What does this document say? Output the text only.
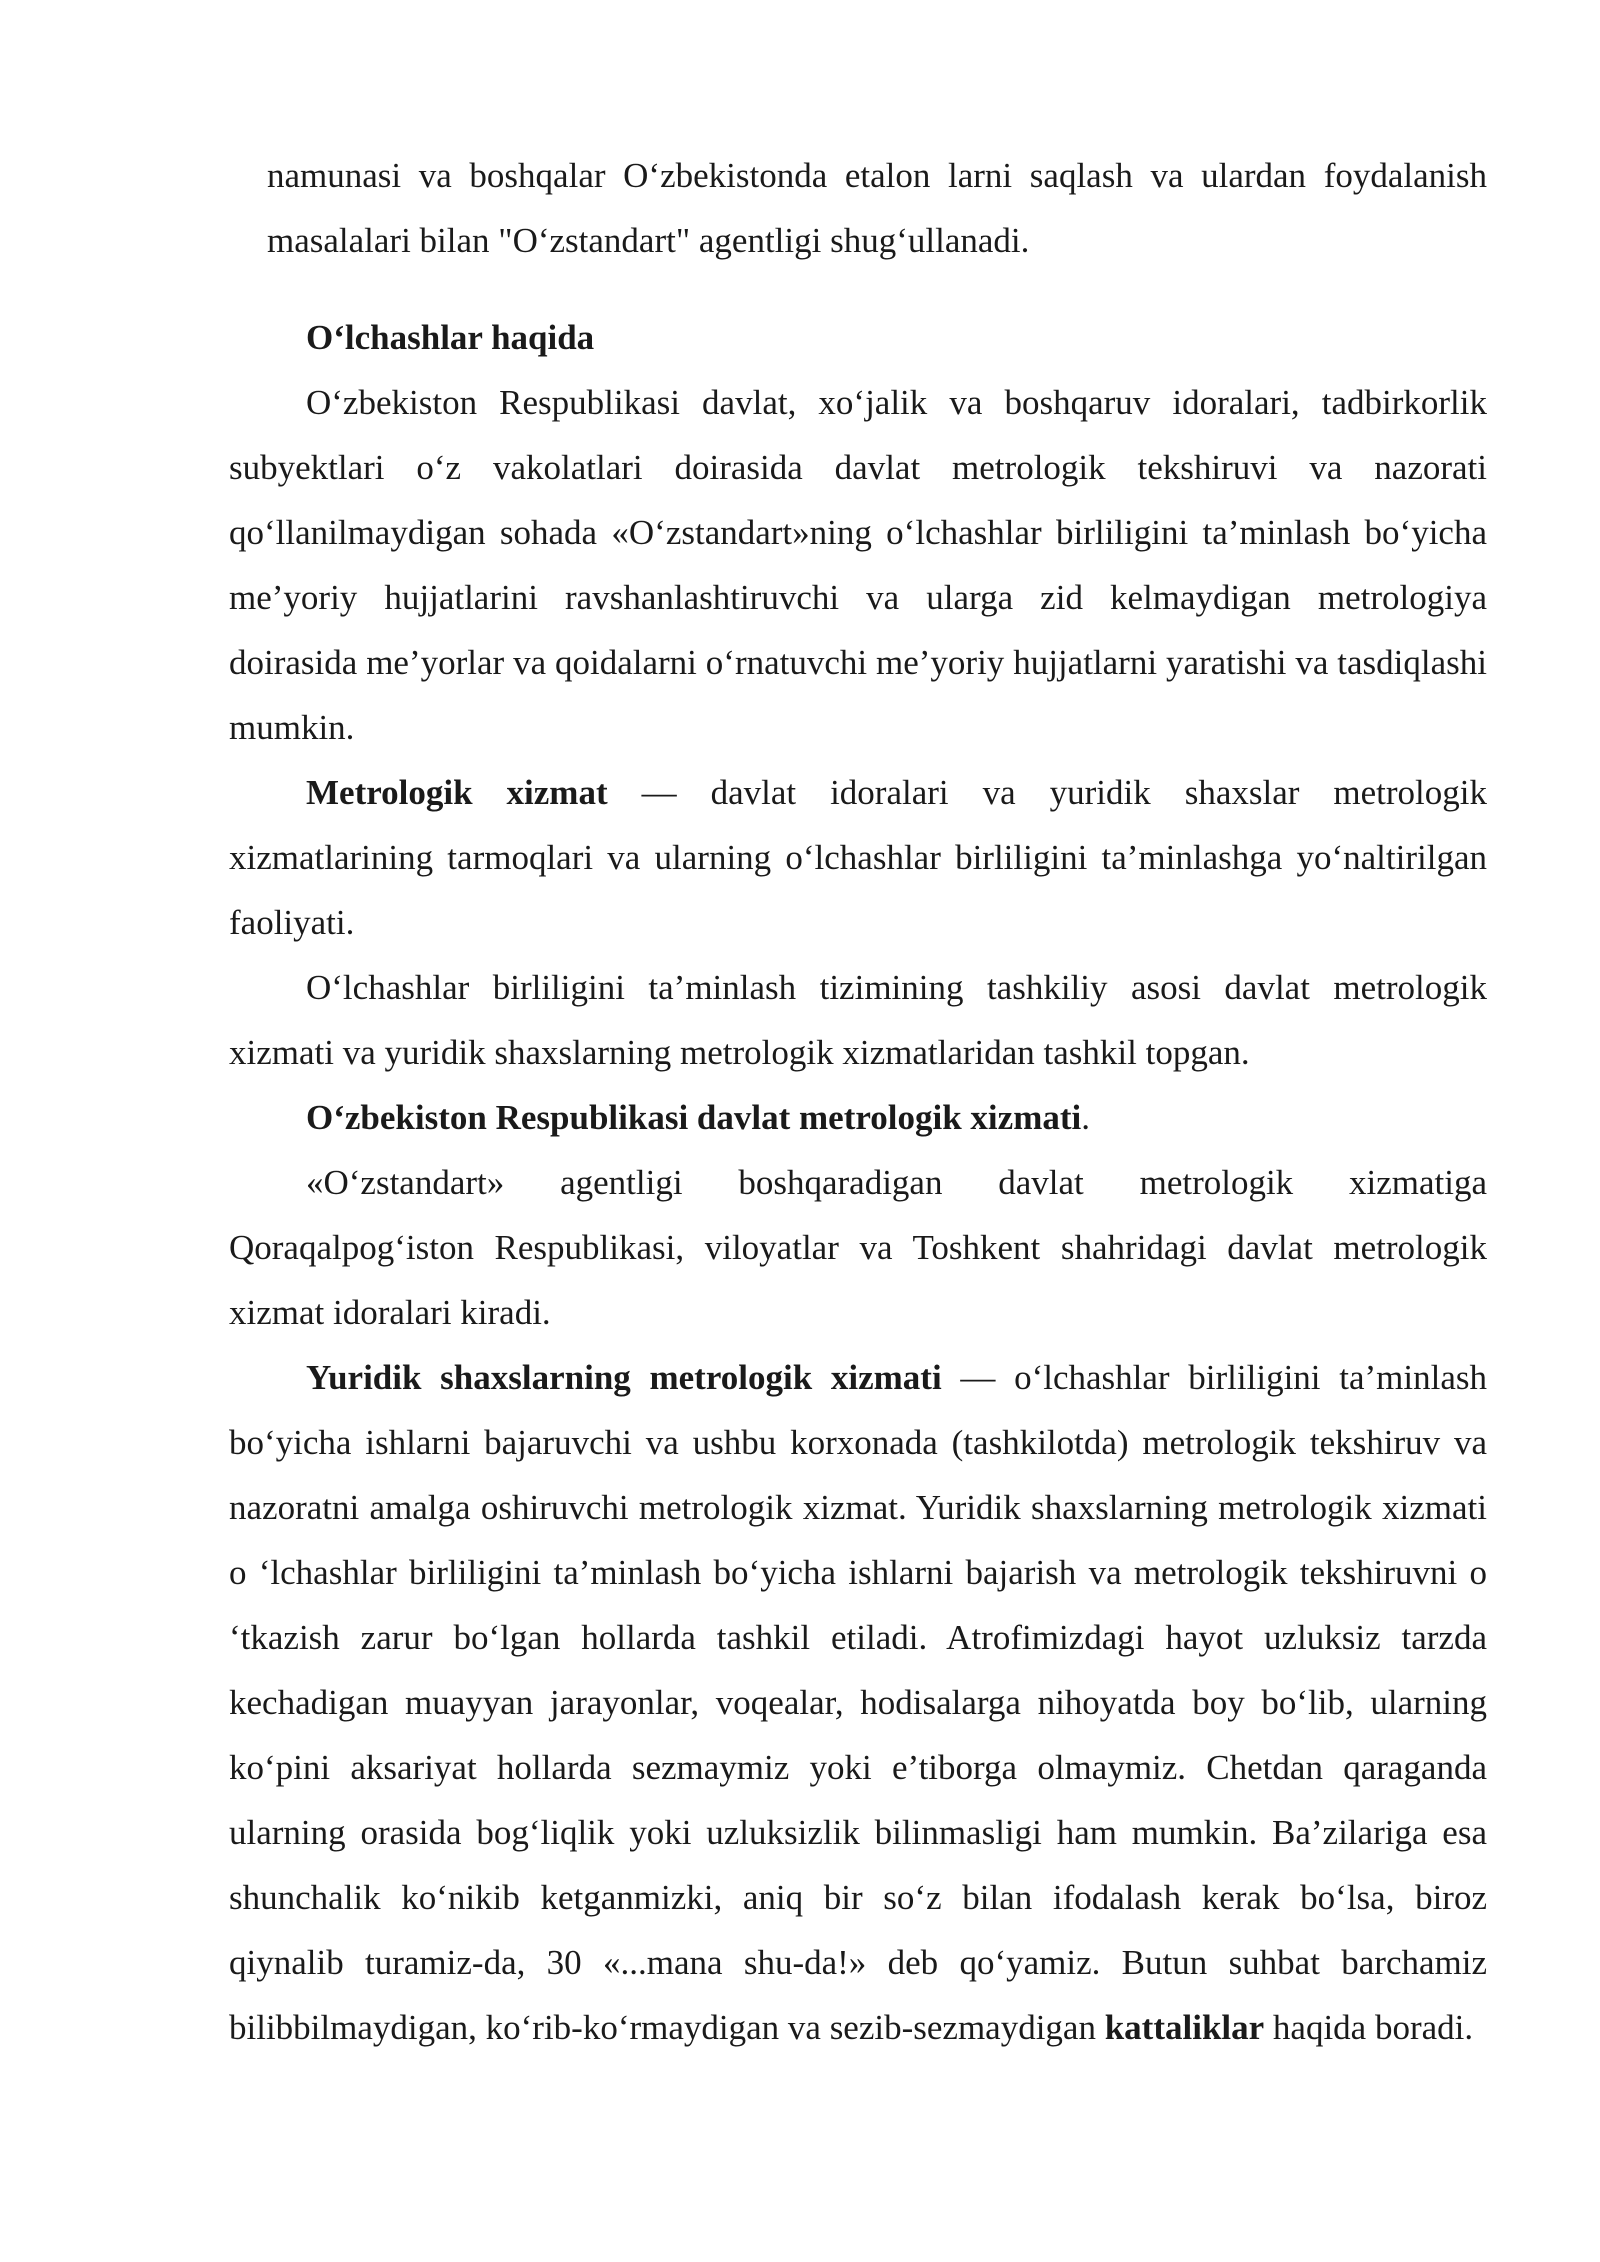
namunasi va boshqalar O‘zbekistonda etalon larni saqlash va ulardan foydalanish masalalari bilan "O‘zstandart" agentligi shug‘ullanadi.

O‘lchashlar haqida

O‘zbekiston Respublikasi davlat, xo‘jalik va boshqaruv idoralari, tadbirkorlik subyektlari o‘z vakolatlari doirasida davlat metrologik tekshiruvi va nazorati qo‘llanilmaydigan sohada «O‘zstandart»ning o‘lchashlar birliligini ta’minlash bo‘yicha me’yoriy hujjatlarini ravshanlashtiruvchi va ularga zid kelmaydigan metrologiya doirasida me’yorlar va qoidalarni o‘rnatuvchi me’yoriy hujjatlarni yaratishi va tasdiqlashi mumkin.

Metrologik xizmat — davlat idoralari va yuridik shaxslar metrologik xizmatlarining tarmoqlari va ularning o‘lchashlar birliligini ta’minlashga yo‘naltirilgan faoliyati.

O‘lchashlar birliligini ta’minlash tizimining tashkiliy asosi davlat metrologik xizmati va yuridik shaxslarning metrologik xizmatlaridan tashkil topgan.

O‘zbekiston Respublikasi davlat metrologik xizmati.

«O‘zstandart» agentligi boshqaradigan davlat metrologik xizmatiga Qoraqalpog‘iston Respublikasi, viloyatlar va Toshkent shahridagi davlat metrologik xizmat idoralari kiradi.

Yuridik shaxslarning metrologik xizmati — o‘lchashlar birliligini ta’minlash bo‘yicha ishlarni bajaruvchi va ushbu korxonada (tashkilotda) metrologik tekshiruv va nazoratni amalga oshiruvchi metrologik xizmat. Yuridik shaxslarning metrologik xizmati o ‘lchashlar birliligini ta’minlash bo‘yicha ishlarni bajarish va metrologik tekshiruvni o ‘tkazish zarur bo‘lgan hollarda tashkil etiladi. Atrofimizdagi hayot uzluksiz tarzda kechadigan muayyan jarayonlar, voqealar, hodisalarga nihoyatda boy bo‘lib, ularning ko‘pini aksariyat hollarda sezmaymiz yoki e’tiborga olmaymiz. Chetdan qaraganda ularning orasida bog‘liqlik yoki uzluksizlik bilinmasligi ham mumkin. Ba’zilariga esa shunchalik ko‘nikib ketganmizki, aniq bir so‘z bilan ifodalash kerak bo‘lsa, biroz qiynalib turamiz-da, 30 «...mana shu-da!» deb qo‘yamiz. Butun suhbat barchamiz bilibbilmaydigan, ko‘rib-ko‘rmaydigan va sezib-sezmaydigan kattaliklar haqida boradi.
